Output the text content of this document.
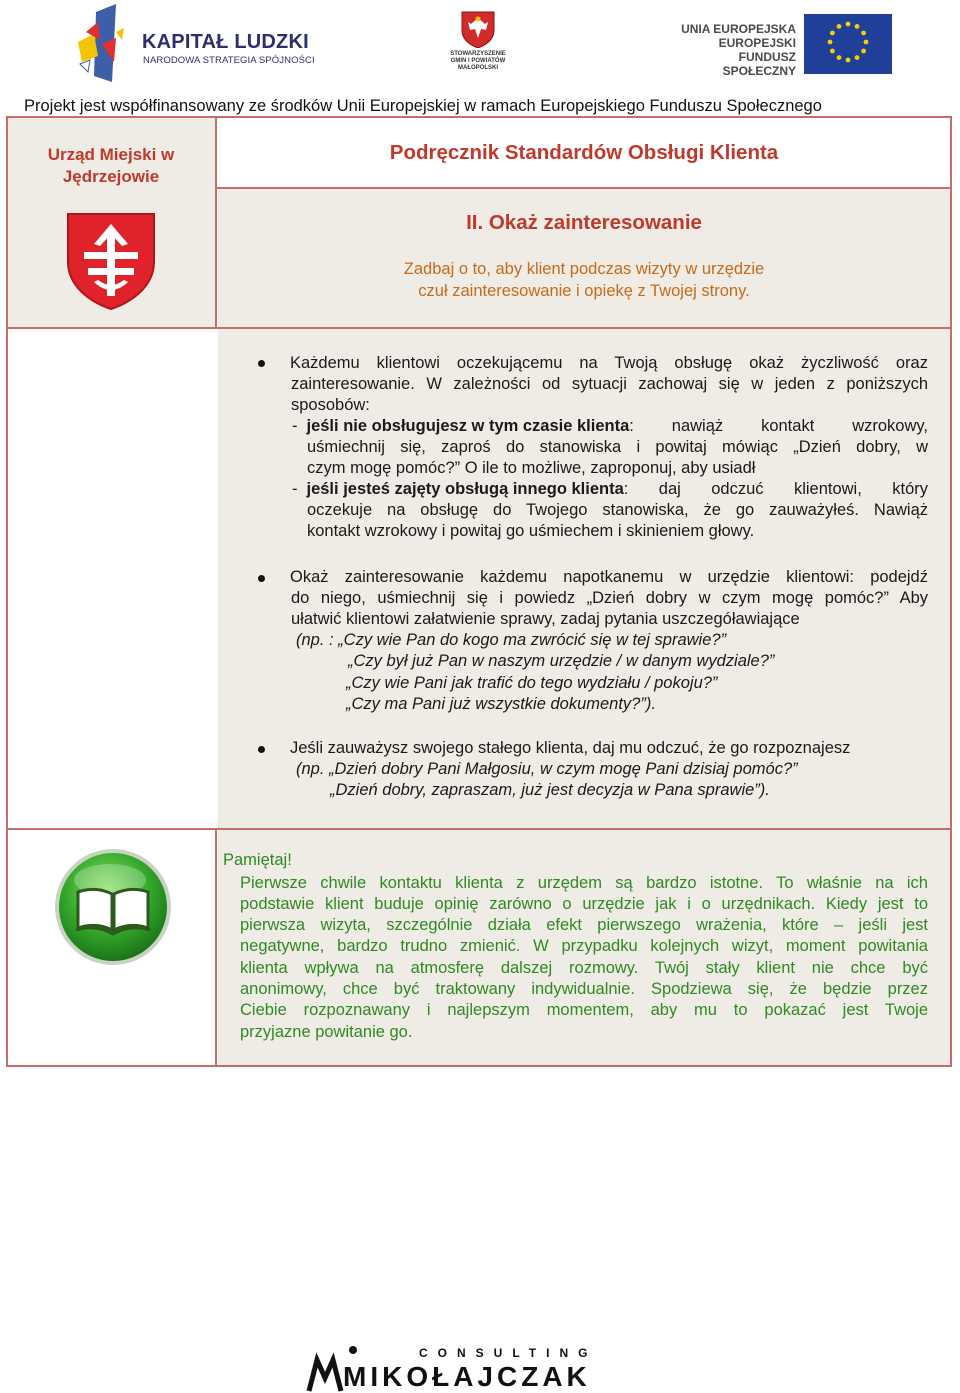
KAPITAŁ LUDZKI
NARODOWA STRATEGIA SPÓJNOŚCI
STOWARZYSZENIE
GMIN I POWIATÓW
MAŁOPOLSKI
UNIA EUROPEJSKA
EUROPEJSKI
FUNDUSZ SPOŁECZNY
Projekt jest współfinansowany ze środków Unii Europejskiej w ramach Europejskiego Funduszu Społecznego
Urząd Miejski w
Jędrzejowie
Podręcznik Standardów Obsługi Klienta
II. Okaż zainteresowanie
Zadbaj o to, aby klient podczas wizyty w urzędzie
czuł zainteresowanie i opiekę z Twojej strony.
Każdemu klientowi oczekującemu na Twoją obsługę okaż życzliwość oraz
zainteresowanie. W zależności od sytuacji zachowaj się w jeden z poniższych
sposobów:
- jeśli nie obsługujesz w tym czasie klienta : nawiąż kontakt wzrokowy,
uśmiechnij się, zaproś do stanowiska i powitaj mówiąc „Dzień dobry, w
czym mogę pomóc?” O ile to możliwe, zaproponuj, aby usiadł
- jeśli jesteś zajęty obsługą innego klienta : daj odczuć klientowi, który
oczekuje na obsługę do Twojego stanowiska, że go zauważyłeś. Nawiąż
kontakt wzrokowy i powitaj go uśmiechem i skinieniem głowy.
Okaż zainteresowanie każdemu napotkanemu w urzędzie klientowi: podejdź
do niego, uśmiechnij się i powiedz „Dzień dobry w czym mogę pomóc?” Aby
ułatwić klientowi załatwienie sprawy, zadaj pytania uszczegóławiające
(np. : „Czy wie Pan do kogo ma zwrócić się w tej sprawie?”
„Czy był już Pan w naszym urzędzie / w danym wydziale?”
„Czy wie Pani jak trafić do tego wydziału / pokoju?”
„Czy ma Pani już wszystkie dokumenty?”).
Jeśli zauważysz swojego stałego klienta, daj mu odczuć, że go rozpoznajesz
(np. „Dzień dobry Pani Małgosiu, w czym mogę Pani dzisiaj pomóc?”
„Dzień dobry, zapraszam, już jest decyzja w Pana sprawie”).
Pamiętaj!
Pierwsze chwile kontaktu klienta z urzędem są bardzo istotne. To właśnie na ich
podstawie klient buduje opinię zarówno o urzędzie jak i o urzędnikach. Kiedy jest to
pierwsza wizyta, szczególnie działa efekt pierwszego wrażenia, które – jeśli jest
negatywne, bardzo trudno zmienić. W przypadku kolejnych wizyt, moment powitania
klienta wpływa na atmosferę dalszej rozmowy. Twój stały klient nie chce być
anonimowy, chce być traktowany indywidualnie. Spodziewa się, że będzie przez
Ciebie rozpoznawany i najlepszym momentem, aby mu to pokazać jest Twoje
przyjazne powitanie go.
CONSULTING
MIKOŁAJCZAK
